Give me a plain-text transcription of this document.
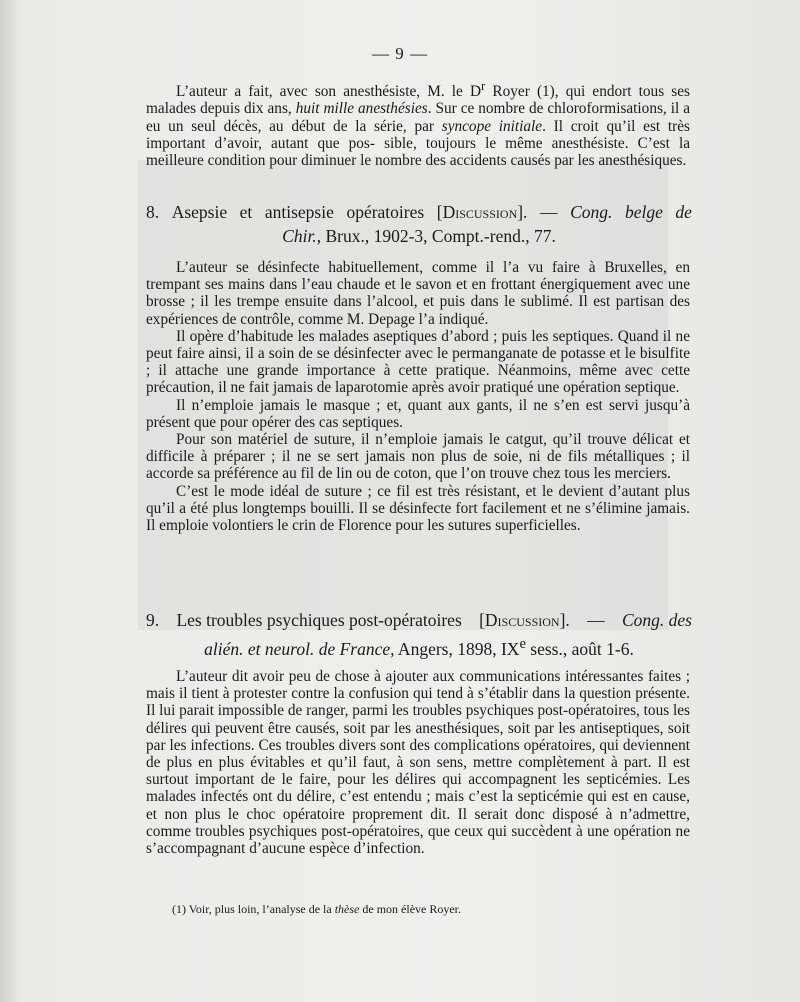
— 9 —

L’auteur a fait, avec son anesthésiste, M. le $D^r$ Royer (1), qui endort tous ses malades depuis dix ans, huit mille anesthésies. Sur ce nombre de chloroformisations, il a eu un seul décès, au début de la série, par syncope initiale. Il croit qu’il est très important d’avoir, autant que pos- sible, toujours le même anesthésiste. C’est la meilleure condition pour diminuer le nombre des accidents causés par les anesthésiques.

8. Asepsie et antisepsie opératoires [Discussion]. — Cong. belge de
Chir., Brux., 1902-3, Compt.-rend., 77.

L’auteur se désinfecte habituellement, comme il l’a vu faire à Bruxelles, en trempant ses mains dans l’eau chaude et le savon et en frottant énergiquement avec une brosse ; il les trempe ensuite dans l’alcool, et puis dans le sublimé. Il est partisan des expériences de contrôle, comme M. Depage l’a indiqué.

Il opère d’habitude les malades aseptiques d’abord ; puis les septiques. Quand il ne peut faire ainsi, il a soin de se désinfecter avec le permanganate de potasse et le bisulfite ; il attache une grande importance à cette pratique. Néanmoins, même avec cette précaution, il ne fait jamais de laparotomie après avoir pratiqué une opération septique.

Il n’emploie jamais le masque ; et, quant aux gants, il ne s’en est servi jusqu’à présent que pour opérer des cas septiques.

Pour son matériel de suture, il n’emploie jamais le catgut, qu’il trouve délicat et difficile à préparer ; il ne se sert jamais non plus de soie, ni de fils métalliques ; il accorde sa préférence au fil de lin ou de coton, que l’on trouve chez tous les merciers.

C’est le mode idéal de suture ; ce fil est très résistant, et le devient d’autant plus qu’il a été plus longtemps bouilli. Il se désinfecte fort facilement et ne s’élimine jamais. Il emploie volontiers le crin de Florence pour les sutures superficielles.

9. Les troubles psychiques post-opératoires [Discussion]. — Cong. des
alién. et neurol. de France, Angers, 1898, IXe sess., août 1-6.

L’auteur dit avoir peu de chose à ajouter aux communications intéressantes faites ; mais il tient à protester contre la confusion qui tend à s’établir dans la question présente. Il lui parait impossible de ranger, parmi les troubles psychiques post-opératoires, tous les délires qui peuvent être causés, soit par les anesthésiques, soit par les antiseptiques, soit par les infections. Ces troubles divers sont des complications opératoires, qui deviennent de plus en plus évitables et qu’il faut, à son sens, mettre complètement à part. Il est surtout important de le faire, pour les délires qui accompagnent les septicémies. Les malades infectés ont du délire, c’est entendu ; mais c’est la septicémie qui est en cause, et non plus le choc opératoire proprement dit. Il serait donc disposé à n’admettre, comme troubles psychiques post-opératoires, que ceux qui succèdent à une opération ne s’accompagnant d’aucune espèce d’infection.

(1) Voir, plus loin, l’analyse de la thèse de mon élève Royer.
